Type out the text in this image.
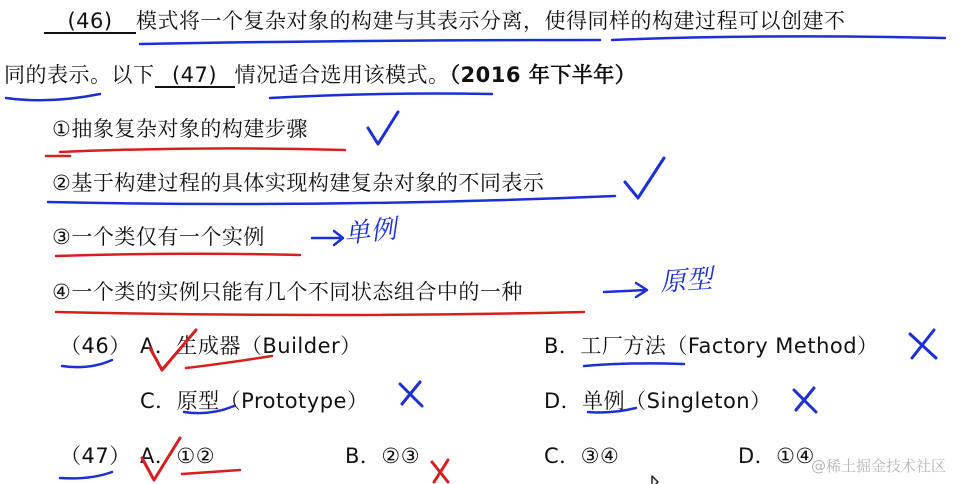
(46) 模式将一个复杂对象的构建与其表示分离，使得同样的构建过程可以创建不
同的表示。以下 (47) 情况适合选用该模式。（2016 年下半年）
①抽象复杂对象的构建步骤
②基于构建过程的具体实现构建复杂对象的不同表示
③一个类仅有一个实例
④一个类的实例只能有几个不同状态组合中的一种
（46） A．生成器（Builder）	B．工厂方法（Factory Method）
C．原型（Prototype）	D．单例（Singleton）
（47） A．①②	B．②③	C．③④	D．①④
单例
原型
@稀土掘金技术社区
